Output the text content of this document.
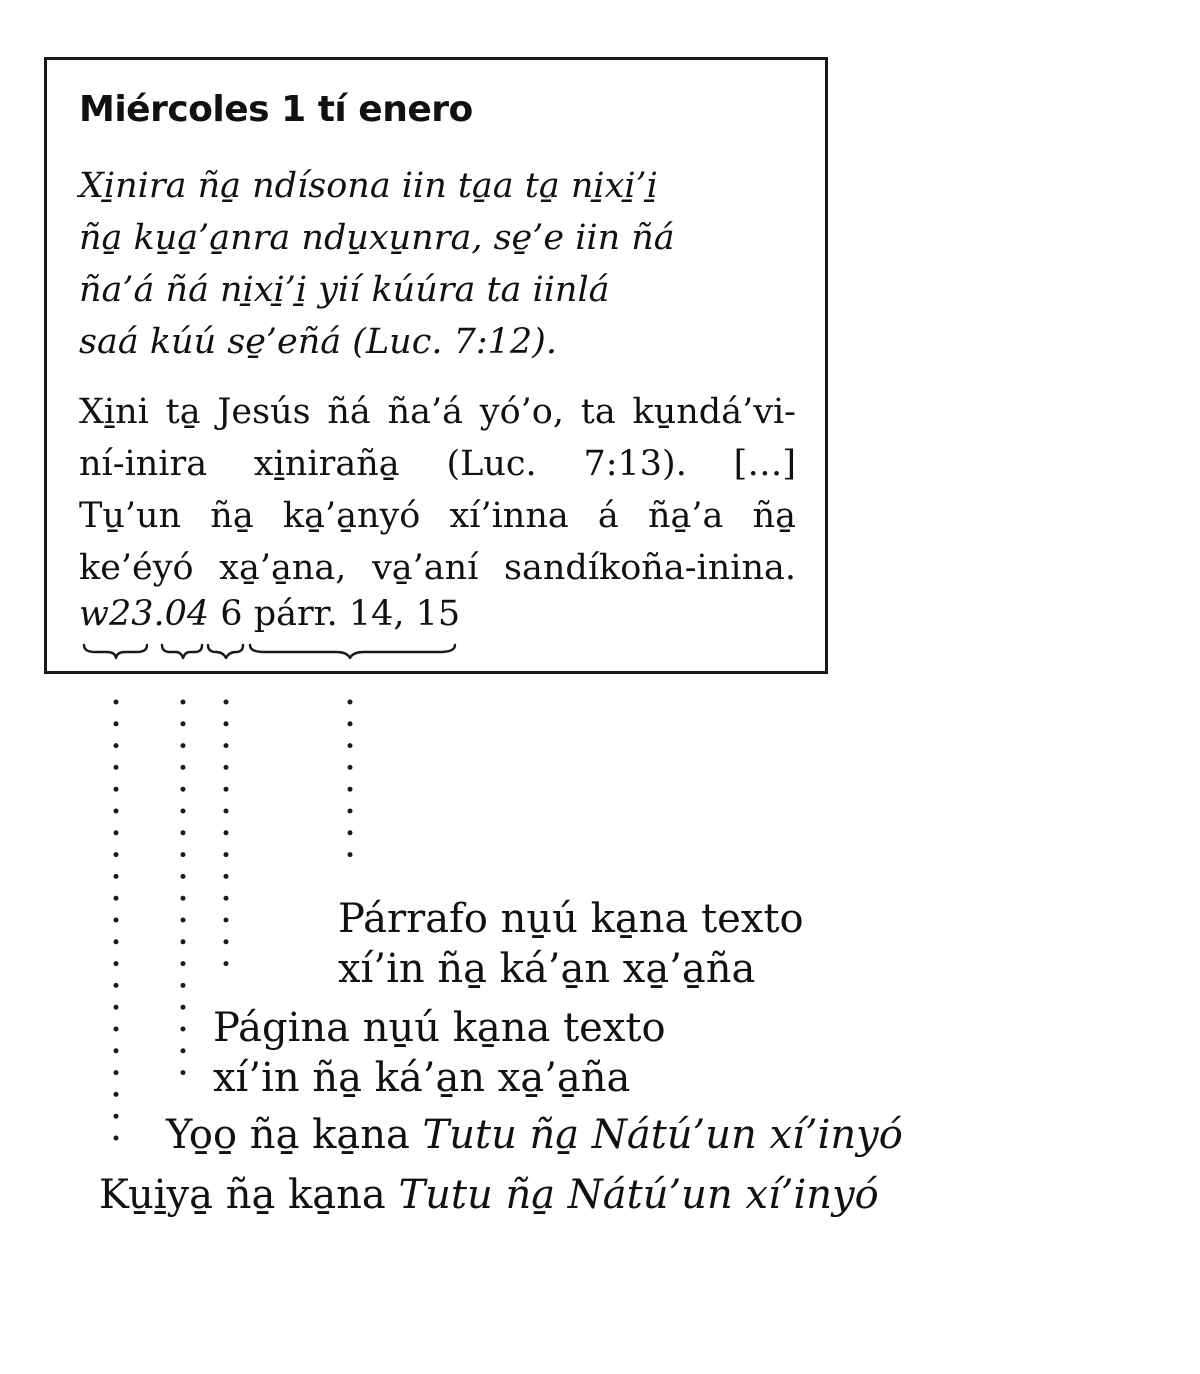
Miércoles 1 tí enero
Xi̱nira ña̱ ndísona iin ta̱a ta̱ ni̱xi̱’i̱
ña̱ ku̱a̱’a̱nra ndu̱xu̱nra, se̱’e iin ñá
ña’á ñá ni̱xi̱’i̱ yií kúúra ta iinlá
saá kúú se̱’eñá (Luc. 7:12).
Xi̱ni ta̱ Jesús ñá ña’á yó’o, ta ku̱ndá’vi-
ní-inira xi̱niraña̱ (Luc. 7:13). […]
Tu̱’un ña̱ ka̱’a̱nyó xí’inna á ña̱’a ña̱
ke’éyó xa̱’a̱na, va̱’aní sandíkoña-inina.
w23.04 6 párr. 14, 15
Párrafo nu̱ú ka̱na texto
xí’in ña̱ ká’a̱n xa̱’a̱ña
Página nu̱ú ka̱na texto
xí’in ña̱ ká’a̱n xa̱’a̱ña
Yo̱o̱ ña̱ ka̱na Tutu ña̱ Nátú’un xí’inyó
Ku̱i̱ya̱ ña̱ ka̱na Tutu ña̱ Nátú’un xí’inyó
